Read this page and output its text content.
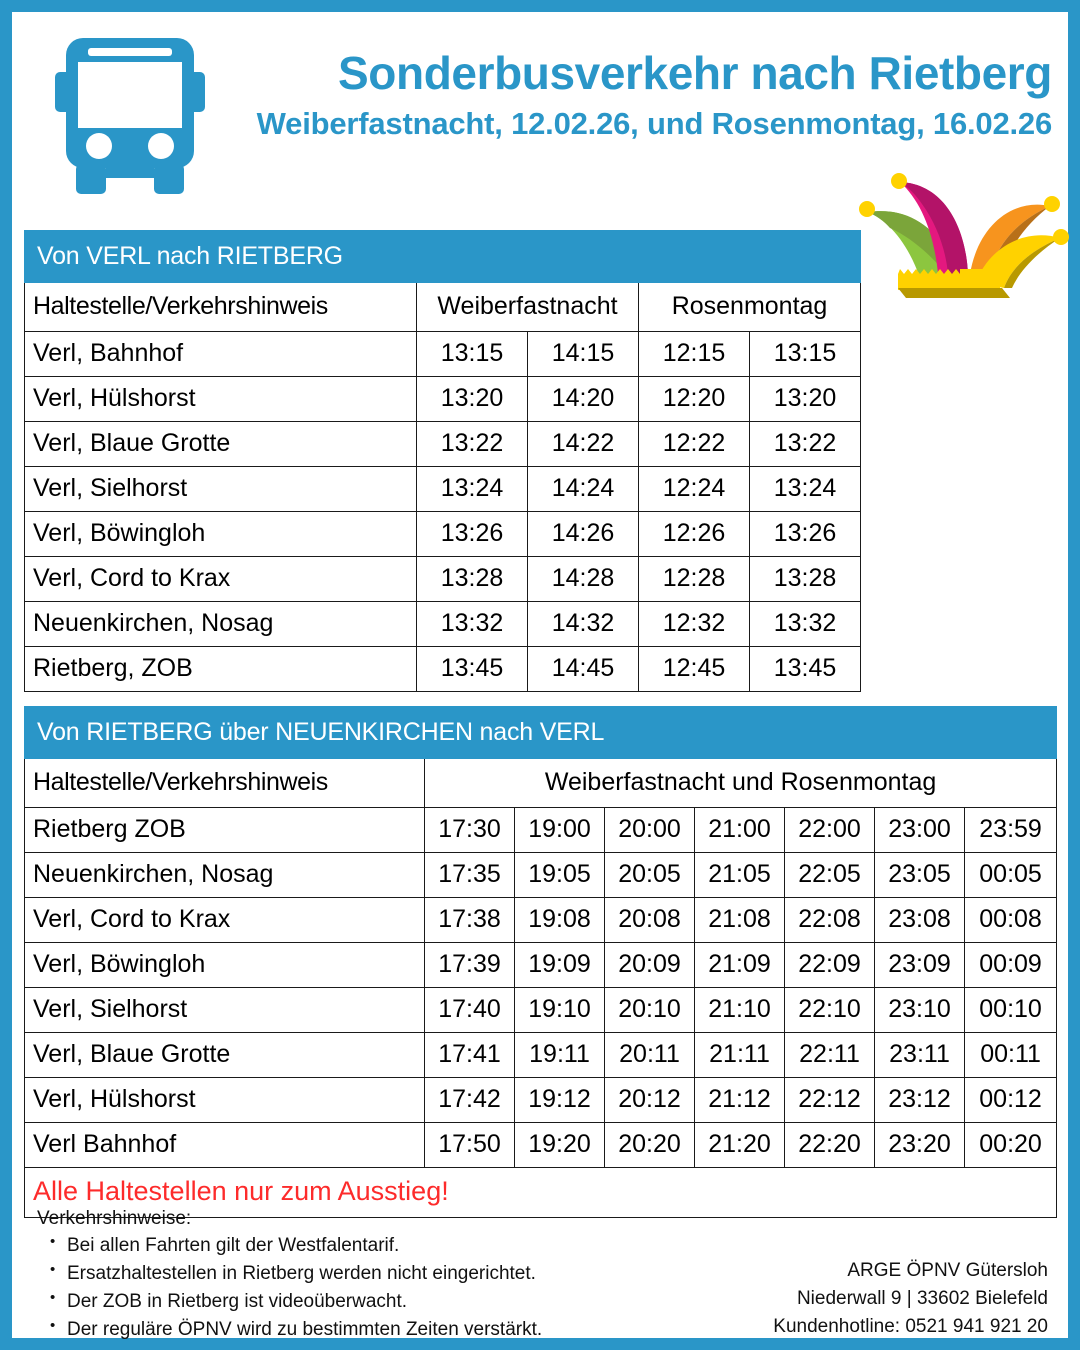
Sonderbusverkehr nach Rietberg
Weiberfastnacht, 12.02.26, und Rosenmontag, 16.02.26
Von VERL nach RIETBERG				
Haltestelle/Verkehrshinweis	Weiberfastnacht		Rosenmontag	
Verl, Bahnhof	13:15	14:15	12:15	13:15
Verl, Hülshorst	13:20	14:20	12:20	13:20
Verl, Blaue Grotte	13:22	14:22	12:22	13:22
Verl, Sielhorst	13:24	14:24	12:24	13:24
Verl, Böwingloh	13:26	14:26	12:26	13:26
Verl, Cord to Krax	13:28	14:28	12:28	13:28
Neuenkirchen, Nosag	13:32	14:32	12:32	13:32
Rietberg, ZOB	13:45	14:45	12:45	13:45
Von RIETBERG über NEUENKIRCHEN nach VERL							
Haltestelle/Verkehrshinweis	Weiberfastnacht und Rosenmontag						
Rietberg ZOB	17:30	19:00	20:00	21:00	22:00	23:00	23:59
Neuenkirchen, Nosag	17:35	19:05	20:05	21:05	22:05	23:05	00:05
Verl, Cord to Krax	17:38	19:08	20:08	21:08	22:08	23:08	00:08
Verl, Böwingloh	17:39	19:09	20:09	21:09	22:09	23:09	00:09
Verl, Sielhorst	17:40	19:10	20:10	21:10	22:10	23:10	00:10
Verl, Blaue Grotte	17:41	19:11	20:11	21:11	22:11	23:11	00:11
Verl, Hülshorst	17:42	19:12	20:12	21:12	22:12	23:12	00:12
Verl Bahnhof	17:50	19:20	20:20	21:20	22:20	23:20	00:20
Alle Haltestellen nur zum Ausstieg!							
Verkehrshinweise:
• Bei allen Fahrten gilt der Westfalentarif.
• Ersatzhaltestellen in Rietberg werden nicht eingerichtet.
• Der ZOB in Rietberg ist videoüberwacht.
• Der reguläre ÖPNV wird zu bestimmten Zeiten verstärkt.
ARGE ÖPNV Gütersloh
Niederwall 9 | 33602 Bielefeld
Kundenhotline: 0521 941 921 20
